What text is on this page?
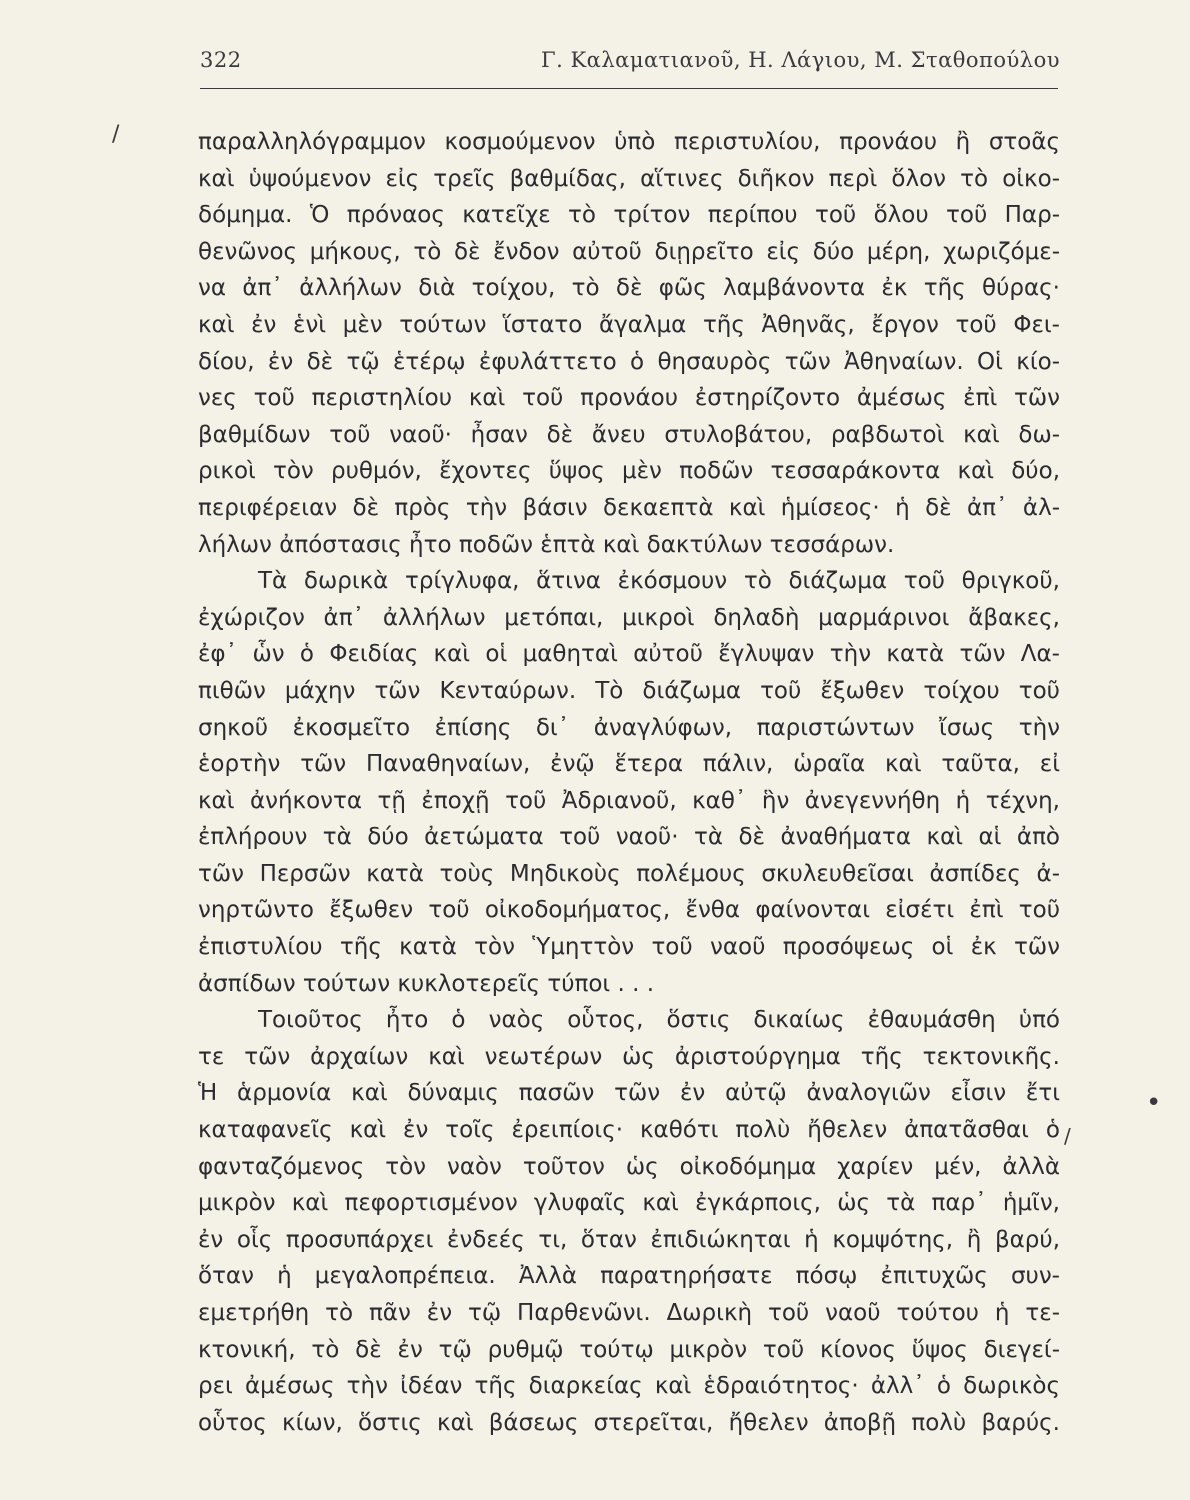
322	Γ. Καλαματιανοῦ, Η. Λάγιου, Μ. Σταθοπούλου
/
•
/
παραλληλόγραμμον κοσμούμενον ὑπὸ περιστυλίου, προνάου ἢ στοᾶς
καὶ ὑψούμενον εἰς τρεῖς βαθμίδας, αἵτινες διῆκον περὶ ὅλον τὸ οἰκο-
δόμημα. Ὁ πρόναος κατεῖχε τὸ τρίτον περίπου τοῦ ὅλου τοῦ Παρ-
θενῶνος μήκους, τὸ δὲ ἔνδον αὐτοῦ διῃρεῖτο εἰς δύο μέρη, χωριζόμε-
να ἀπ᾽ ἀλλήλων διὰ τοίχου, τὸ δὲ φῶς λαμβάνοντα ἐκ τῆς θύρας·
καὶ ἐν ἑνὶ μὲν τούτων ἵστατο ἄγαλμα τῆς Ἀθηνᾶς, ἔργον τοῦ Φει-
δίου, ἐν δὲ τῷ ἑτέρῳ ἐφυλάττετο ὁ θησαυρὸς τῶν Ἀθηναίων. Οἱ κίο-
νες τοῦ περιστηλίου καὶ τοῦ προνάου ἐστηρίζοντο ἀμέσως ἐπὶ τῶν
βαθμίδων τοῦ ναοῦ· ἦσαν δὲ ἄνευ στυλοβάτου, ραβδωτοὶ καὶ δω-
ρικοὶ τὸν ρυθμόν, ἔχοντες ὕψος μὲν ποδῶν τεσσαράκοντα καὶ δύο,
περιφέρειαν δὲ πρὸς τὴν βάσιν δεκαεπτὰ καὶ ἡμίσεος· ἡ δὲ ἀπ᾽ ἀλ-
λήλων ἀπόστασις ἦτο ποδῶν ἑπτὰ καὶ δακτύλων τεσσάρων.
Τὰ δωρικὰ τρίγλυφα, ἅτινα ἐκόσμουν τὸ διάζωμα τοῦ θριγκοῦ,
ἐχώριζον ἀπ᾽ ἀλλήλων μετόπαι, μικροὶ δηλαδὴ μαρμάρινοι ἄβακες,
ἐφ᾽ ὧν ὁ Φειδίας καὶ οἱ μαθηταὶ αὐτοῦ ἔγλυψαν τὴν κατὰ τῶν Λα-
πιθῶν μάχην τῶν Κενταύρων. Τὸ διάζωμα τοῦ ἔξωθεν τοίχου τοῦ
σηκοῦ ἐκοσμεῖτο ἐπίσης δι᾽ ἀναγλύφων, παριστώντων ἴσως τὴν
ἑορτὴν τῶν Παναθηναίων, ἐνῷ ἕτερα πάλιν, ὡραῖα καὶ ταῦτα, εἰ
καὶ ἀνήκοντα τῇ ἐποχῇ τοῦ Ἀδριανοῦ, καθ᾽ ἣν ἀνεγεννήθη ἡ τέχνη,
ἐπλήρουν τὰ δύο ἀετώματα τοῦ ναοῦ· τὰ δὲ ἀναθήματα καὶ αἱ ἀπὸ
τῶν Περσῶν κατὰ τοὺς Μηδικοὺς πολέμους σκυλευθεῖσαι ἀσπίδες ἀ-
νηρτῶντο ἔξωθεν τοῦ οἰκοδομήματος, ἔνθα φαίνονται εἰσέτι ἐπὶ τοῦ
ἐπιστυλίου τῆς κατὰ τὸν Ὑμηττὸν τοῦ ναοῦ προσόψεως οἱ ἐκ τῶν
ἀσπίδων τούτων κυκλοτερεῖς τύποι . . .
Τοιοῦτος ἦτο ὁ ναὸς οὗτος, ὅστις δικαίως ἐθαυμάσθη ὑπό
τε τῶν ἀρχαίων καὶ νεωτέρων ὡς ἀριστούργημα τῆς τεκτονικῆς.
Ἡ ἁρμονία καὶ δύναμις πασῶν τῶν ἐν αὐτῷ ἀναλογιῶν εἶσιν ἔτι
καταφανεῖς καὶ ἐν τοῖς ἐρειπίοις· καθότι πολὺ ἤθελεν ἀπατᾶσθαι ὁ
φανταζόμενος τὸν ναὸν τοῦτον ὡς οἰκοδόμημα χαρίεν μέν, ἀλλὰ
μικρὸν καὶ πεφορτισμένον γλυφαῖς καὶ ἐγκάρποις, ὡς τὰ παρ᾽ ἡμῖν,
ἐν οἷς προσυπάρχει ἐνδεές τι, ὅταν ἐπιδιώκηται ἡ κομψότης, ἢ βαρύ,
ὅταν ἡ μεγαλοπρέπεια. Ἀλλὰ παρατηρήσατε πόσῳ ἐπιτυχῶς συν-
εμετρήθη τὸ πᾶν ἐν τῷ Παρθενῶνι. Δωρικὴ τοῦ ναοῦ τούτου ἡ τε-
κτονική, τὸ δὲ ἐν τῷ ρυθμῷ τούτῳ μικρὸν τοῦ κίονος ὕψος διεγεί-
ρει ἀμέσως τὴν ἰδέαν τῆς διαρκείας καὶ ἑδραιότητος· ἀλλ᾽ ὁ δωρικὸς
οὗτος κίων, ὅστις καὶ βάσεως στερεῖται, ἤθελεν ἀποβῇ πολὺ βαρύς.
